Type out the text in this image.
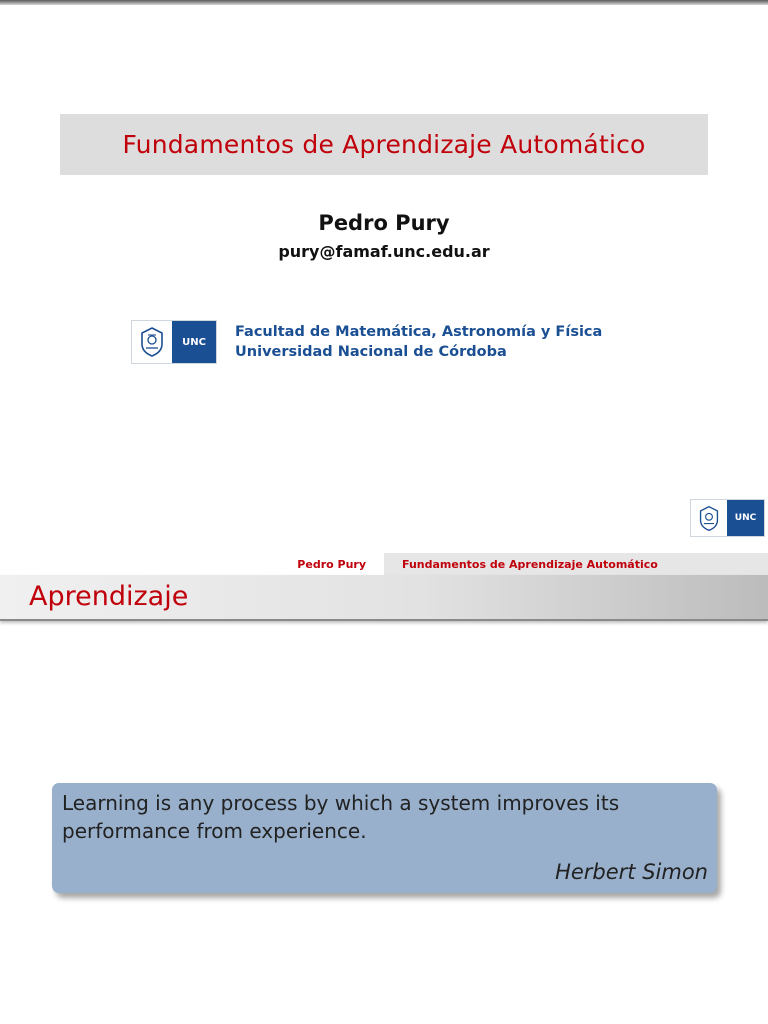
Fundamentos de Aprendizaje Automático
Pedro Pury
pury@famaf.unc.edu.ar
UNC
Facultad de Matemática, Astronomía y Física
Universidad Nacional de Córdoba
UNC
Pedro Pury	Fundamentos de Aprendizaje Automático
Aprendizaje
Learning is any process by which a system improves its performance from experience.
Herbert Simon
